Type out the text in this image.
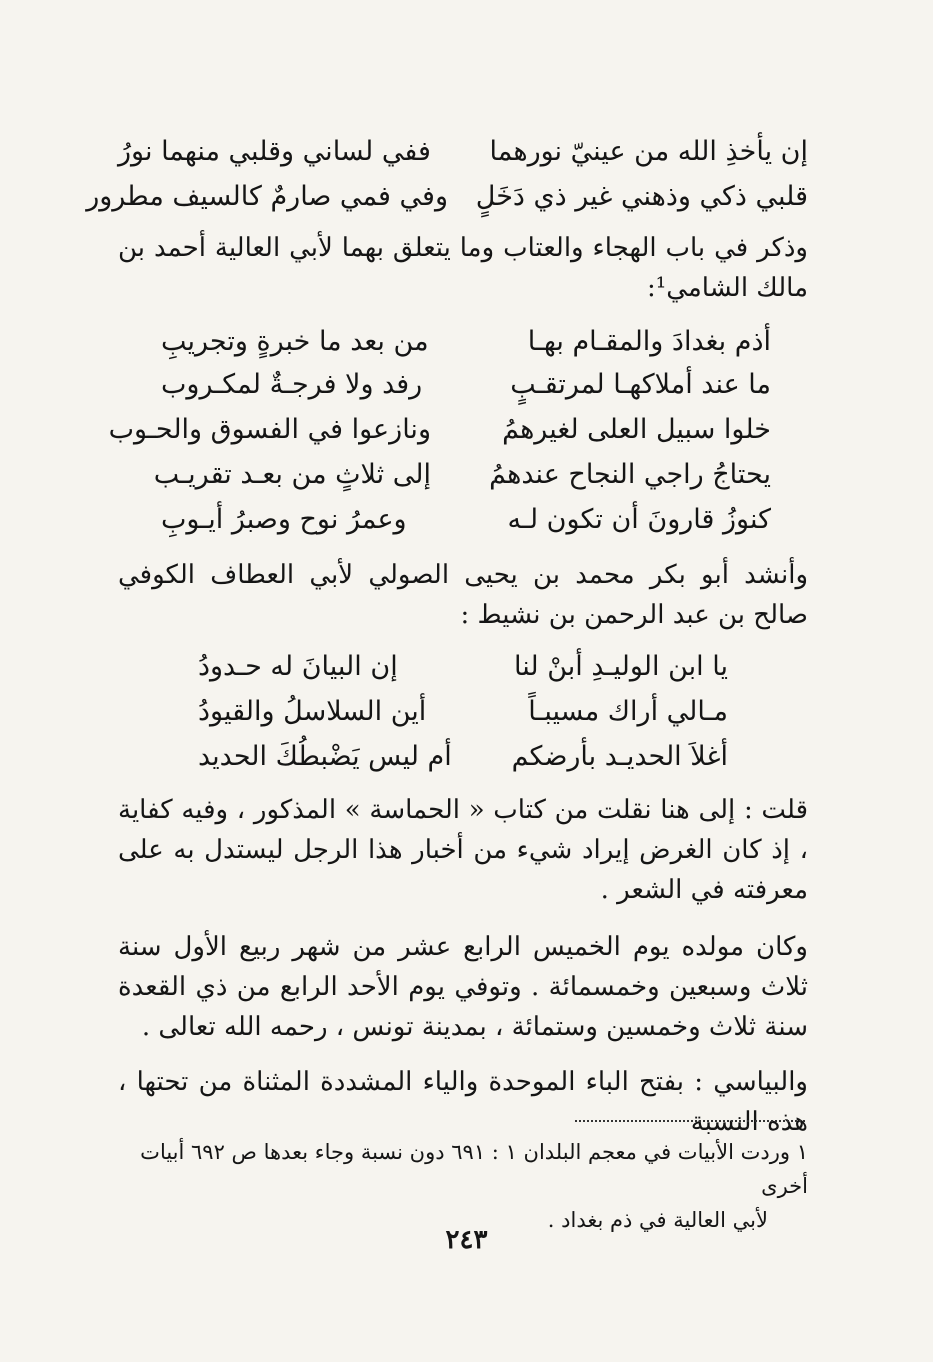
إن يأخذِ الله من عينيّ نورهما
ففي لساني وقلبي منهما نورُ
قلبي ذكي وذهني غير ذي دَخَلٍ
وفي فمي صارمٌ كالسيف مطرور
وذكر في باب الهجاء والعتاب وما يتعلق بهما لأبي العالية أحمد بن مالك الشامي¹:
أذم بغدادَ والمقـام بهـا
من بعد ما خبرةٍ وتجريبِ
ما عند أملاكهـا لمرتقـبٍ
رفد ولا فرجـةٌ لمكـروب
خلوا سبيل العلى لغيرهمُ
ونازعوا في الفسوق والحـوب
يحتاجُ راجي النجاح عندهمُ
إلى ثلاثٍ من بعـد تقريـب
كنوزُ قارونَ أن تكون لـه
وعمرُ نوح وصبرُ أيـوبِ
وأنشد أبو بكر محمد بن يحيى الصولي لأبي العطاف الكوفي صالح بن عبد الرحمن بن نشيط :
يا ابن الوليـدِ أبنْ لنا
إن البيانَ له حـدودُ
مـالي أراك مسيبـاً
أين السلاسلُ والقيودُ
أغلاَ الحديـد بأرضكم
أم ليس يَضْبطُكَ الحديد
قلت : إلى هنا نقلت من كتاب « الحماسة » المذكور ، وفيه كفاية ، إذ كان الغرض إيراد شيء من أخبار هذا الرجل ليستدل به على معرفته في الشعر .
وكان مولده يوم الخميس الرابع عشر من شهر ربيع الأول سنة ثلاث وسبعين وخمسمائة . وتوفي يوم الأحد الرابع من ذي القعدة سنة ثلاث وخمسين وستمائة ، بمدينة تونس ، رحمه الله تعالى .
والبياسي : بفتح الباء الموحدة والياء المشددة المثناة من تحتها ، هذه النسبة
١ وردت الأبيات في معجم البلدان ١ : ٦٩١ دون نسبة وجاء بعدها ص ٦٩٢ أبيات أخرى
لأبي العالية في ذم بغداد .
٢٤٣
